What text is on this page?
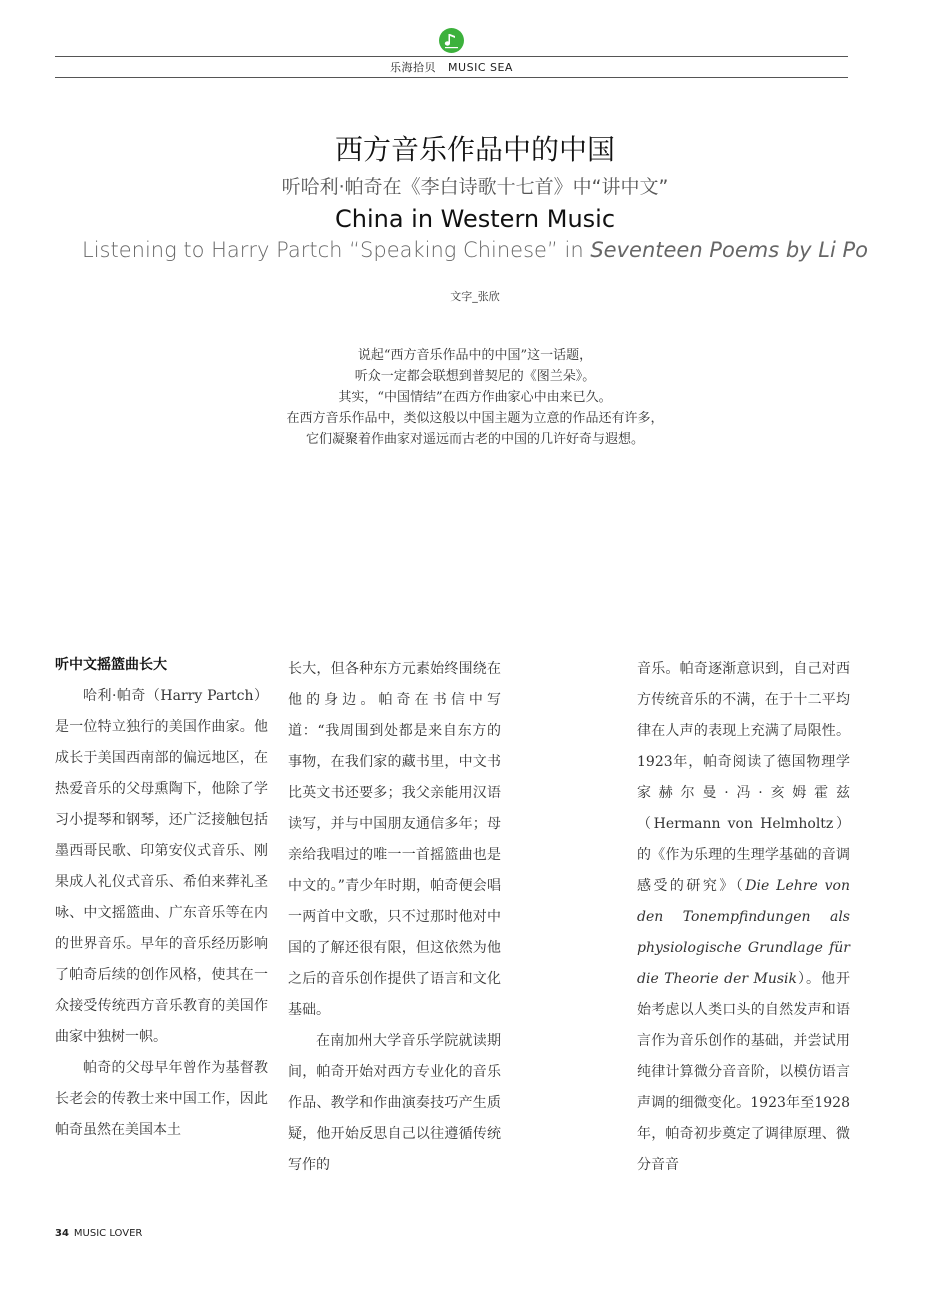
乐海拾贝 MUSIC SEA
西方音乐作品中的中国
听哈利·帕奇在《李白诗歌十七首》中“讲中文”
China in Western Music
Listening to Harry Partch “Speaking Chinese” in Seventeen Poems by Li Po
文字_张欣
说起“西方音乐作品中的中国”这一话题，
听众一定都会联想到普契尼的《图兰朵》。
其实，“中国情结”在西方作曲家心中由来已久。
在西方音乐作品中，类似这般以中国主题为立意的作品还有许多，
它们凝聚着作曲家对遥远而古老的中国的几许好奇与遐想。
听中文摇篮曲长大

哈利·帕奇（Harry Partch）是一位特立独行的美国作曲家。他成长于美国西南部的偏远地区，在热爱音乐的父母熏陶下，他除了学习小提琴和钢琴，还广泛接触包括墨西哥民歌、印第安仪式音乐、刚果成人礼仪式音乐、希伯来葬礼圣咏、中文摇篮曲、广东音乐等在内的世界音乐。早年的音乐经历影响了帕奇后续的创作风格，使其在一众接受传统西方音乐教育的美国作曲家中独树一帜。

帕奇的父母早年曾作为基督教长老会的传教士来中国工作，因此帕奇虽然在美国本土

长大，但各种东方元素始终围绕在他的身边。帕奇在书信中写道：“我周围到处都是来自东方的事物，在我们家的藏书里，中文书比英文书还要多；我父亲能用汉语读写，并与中国朋友通信多年；母亲给我唱过的唯一一首摇篮曲也是中文的。”青少年时期，帕奇便会唱一两首中文歌，只不过那时他对中国的了解还很有限，但这依然为他之后的音乐创作提供了语言和文化基础。

在南加州大学音乐学院就读期间，帕奇开始对西方专业化的音乐作品、教学和作曲演奏技巧产生质疑，他开始反思自己以往遵循传统写作的

音乐。帕奇逐渐意识到，自己对西方传统音乐的不满，在于十二平均律在人声的表现上充满了局限性。1923年，帕奇阅读了德国物理学家赫尔曼·冯·亥姆霍兹（Hermann von Helmholtz）的《作为乐理的生理学基础的音调感受的研究》（Die Lehre von den Tonempfindungen als physiologische Grundlage für die Theorie der Musik）。他开始考虑以人类口头的自然发声和语言作为音乐创作的基础，并尝试用纯律计算微分音音阶，以模仿语言声调的细微变化。1923年至1928年，帕奇初步奠定了调律原理、微分音音

34 MUSIC LOVER
